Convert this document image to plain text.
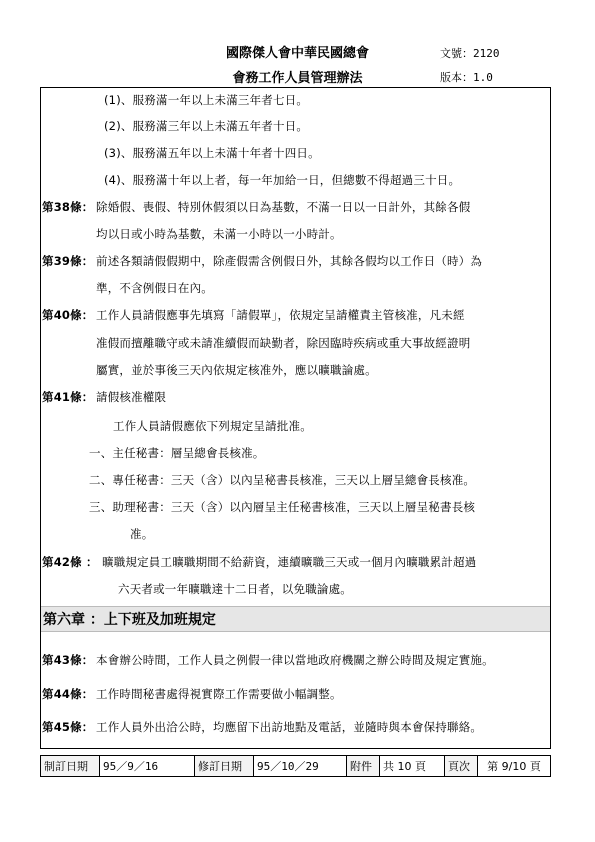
國際傑人會中華民國總會
會務工作人員管理辦法
文號：2120
版本：1.0
(1)、服務滿一年以上未滿三年者七日。
(2)、服務滿三年以上未滿五年者十日。
(3)、服務滿五年以上未滿十年者十四日。
(4)、服務滿十年以上者，每一年加給一日，但總數不得超過三十日。
第38條： 除婚假、喪假、特別休假須以日為基數，不滿一日以一日計外，其餘各假
均以日或小時為基數，未滿一小時以一小時計。
第39條： 前述各類請假假期中，除產假需含例假日外，其餘各假均以工作日（時）為
準，不含例假日在內。
第40條： 工作人員請假應事先填寫「請假單」，依規定呈請權責主管核准，凡未經
准假而擅離職守或未請准續假而缺勤者，除因臨時疾病或重大事故經證明
屬實，並於事後三天內依規定核准外，應以曠職論處。
第41條： 請假核准權限
工作人員請假應依下列規定呈請批准。
一、主任秘書：層呈總會長核准。
二、專任秘書：三天（含）以內呈秘書長核准，三天以上層呈總會長核准。
三、助理秘書：三天（含）以內層呈主任秘書核准，三天以上層呈秘書長核
准。
第42條 ： 曠職規定員工曠職期間不給薪資，連續曠職三天或一個月內曠職累計超過
六天者或一年曠職達十二日者，以免職論處。
第六章 ：上下班及加班規定
第43條： 本會辦公時間，工作人員之例假一律以當地政府機關之辦公時間及規定實施。
第44條： 工作時間秘書處得視實際工作需要做小幅調整。
第45條： 工作人員外出洽公時，均應留下出訪地點及電話，並隨時與本會保持聯絡。
制訂日期	95／9／16	修訂日期	95／10／29	附件	共 10 頁	頁次	第 9/10 頁
